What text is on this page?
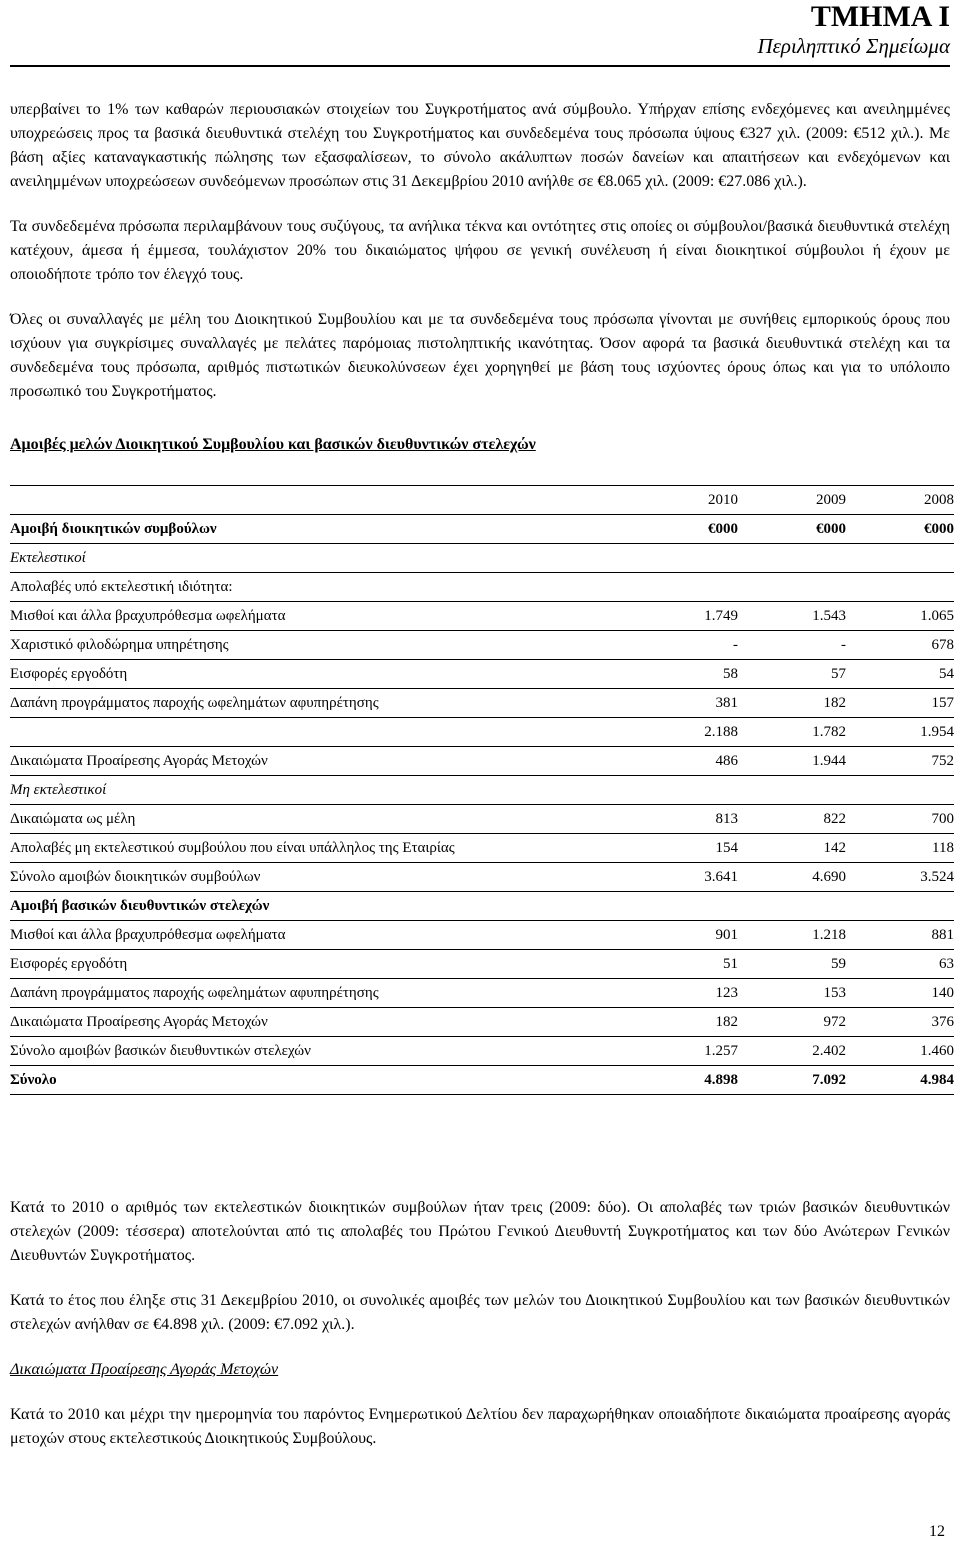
ΤΜΗΜΑ Ι
Περιληπτικό Σημείωμα

υπερβαίνει το 1% των καθαρών περιουσιακών στοιχείων του Συγκροτήματος ανά σύμβουλο. Υπήρχαν επίσης ενδεχόμενες και ανειλημμένες υποχρεώσεις προς τα βασικά διευθυντικά στελέχη του Συγκροτήματος και συνδεδεμένα τους πρόσωπα ύψους €327 χιλ. (2009: €512 χιλ.). Με βάση αξίες καταναγκαστικής πώλησης των εξασφαλίσεων, το σύνολο ακάλυπτων ποσών δανείων και απαιτήσεων και ενδεχόμενων και ανειλημμένων υποχρεώσεων συνδεόμενων προσώπων στις 31 Δεκεμβρίου 2010 ανήλθε σε €8.065 χιλ. (2009: €27.086 χιλ.).

Τα συνδεδεμένα πρόσωπα περιλαμβάνουν τους συζύγους, τα ανήλικα τέκνα και οντότητες στις οποίες οι σύμβουλοι/βασικά διευθυντικά στελέχη κατέχουν, άμεσα ή έμμεσα, τουλάχιστον 20% του δικαιώματος ψήφου σε γενική συνέλευση ή είναι διοικητικοί σύμβουλοι ή έχουν με οποιοδήποτε τρόπο τον έλεγχό τους.

Όλες οι συναλλαγές με μέλη του Διοικητικού Συμβουλίου και με τα συνδεδεμένα τους πρόσωπα γίνονται με συνήθεις εμπορικούς όρους που ισχύουν για συγκρίσιμες συναλλαγές με πελάτες παρόμοιας πιστοληπτικής ικανότητας. Όσον αφορά τα βασικά διευθυντικά στελέχη και τα συνδεδεμένα τους πρόσωπα, αριθμός πιστωτικών διευκολύνσεων έχει χορηγηθεί με βάση τους ισχύοντες όρους όπως και για το υπόλοιπο προσωπικό του Συγκροτήματος.

Αμοιβές μελών Διοικητικού Συμβουλίου και βασικών διευθυντικών στελεχών
	2010	2009	2008
Αμοιβή διοικητικών συμβούλων	€000	€000	€000
Εκτελεστικοί			
Απολαβές υπό εκτελεστική ιδιότητα:			
Μισθοί και άλλα βραχυπρόθεσμα ωφελήματα	1.749	1.543	1.065
Χαριστικό φιλοδώρημα υπηρέτησης	-	-	678
Εισφορές εργοδότη	58	57	54
Δαπάνη προγράμματος παροχής ωφελημάτων αφυπηρέτησης	381	182	157
	2.188	1.782	1.954
Δικαιώματα Προαίρεσης Αγοράς Μετοχών	486	1.944	752
Μη εκτελεστικοί			
Δικαιώματα ως μέλη	813	822	700
Απολαβές μη εκτελεστικού συμβούλου που είναι υπάλληλος της Εταιρίας	154	142	118
Σύνολο αμοιβών διοικητικών συμβούλων	3.641	4.690	3.524
Αμοιβή βασικών διευθυντικών στελεχών			
Μισθοί και άλλα βραχυπρόθεσμα ωφελήματα	901	1.218	881
Εισφορές εργοδότη	51	59	63
Δαπάνη προγράμματος παροχής ωφελημάτων αφυπηρέτησης	123	153	140
Δικαιώματα Προαίρεσης Αγοράς Μετοχών	182	972	376
Σύνολο αμοιβών βασικών διευθυντικών στελεχών	1.257	2.402	1.460
Σύνολο	4.898	7.092	4.984

Κατά το 2010 ο αριθμός των εκτελεστικών διοικητικών συμβούλων ήταν τρεις (2009: δύο). Οι απολαβές των τριών βασικών διευθυντικών στελεχών (2009: τέσσερα) αποτελούνται από τις απολαβές του Πρώτου Γενικού Διευθυντή Συγκροτήματος και των δύο Ανώτερων Γενικών Διευθυντών Συγκροτήματος.

Κατά το έτος που έληξε στις 31 Δεκεμβρίου 2010, οι συνολικές αμοιβές των μελών του Διοικητικού Συμβουλίου και των βασικών διευθυντικών στελεχών ανήλθαν σε €4.898 χιλ. (2009: €7.092 χιλ.).

Δικαιώματα Προαίρεσης Αγοράς Μετοχών

Κατά το 2010 και μέχρι την ημερομηνία του παρόντος Ενημερωτικού Δελτίου δεν παραχωρήθηκαν οποιαδήποτε δικαιώματα προαίρεσης αγοράς μετοχών στους εκτελεστικούς Διοικητικούς Συμβούλους.

12
